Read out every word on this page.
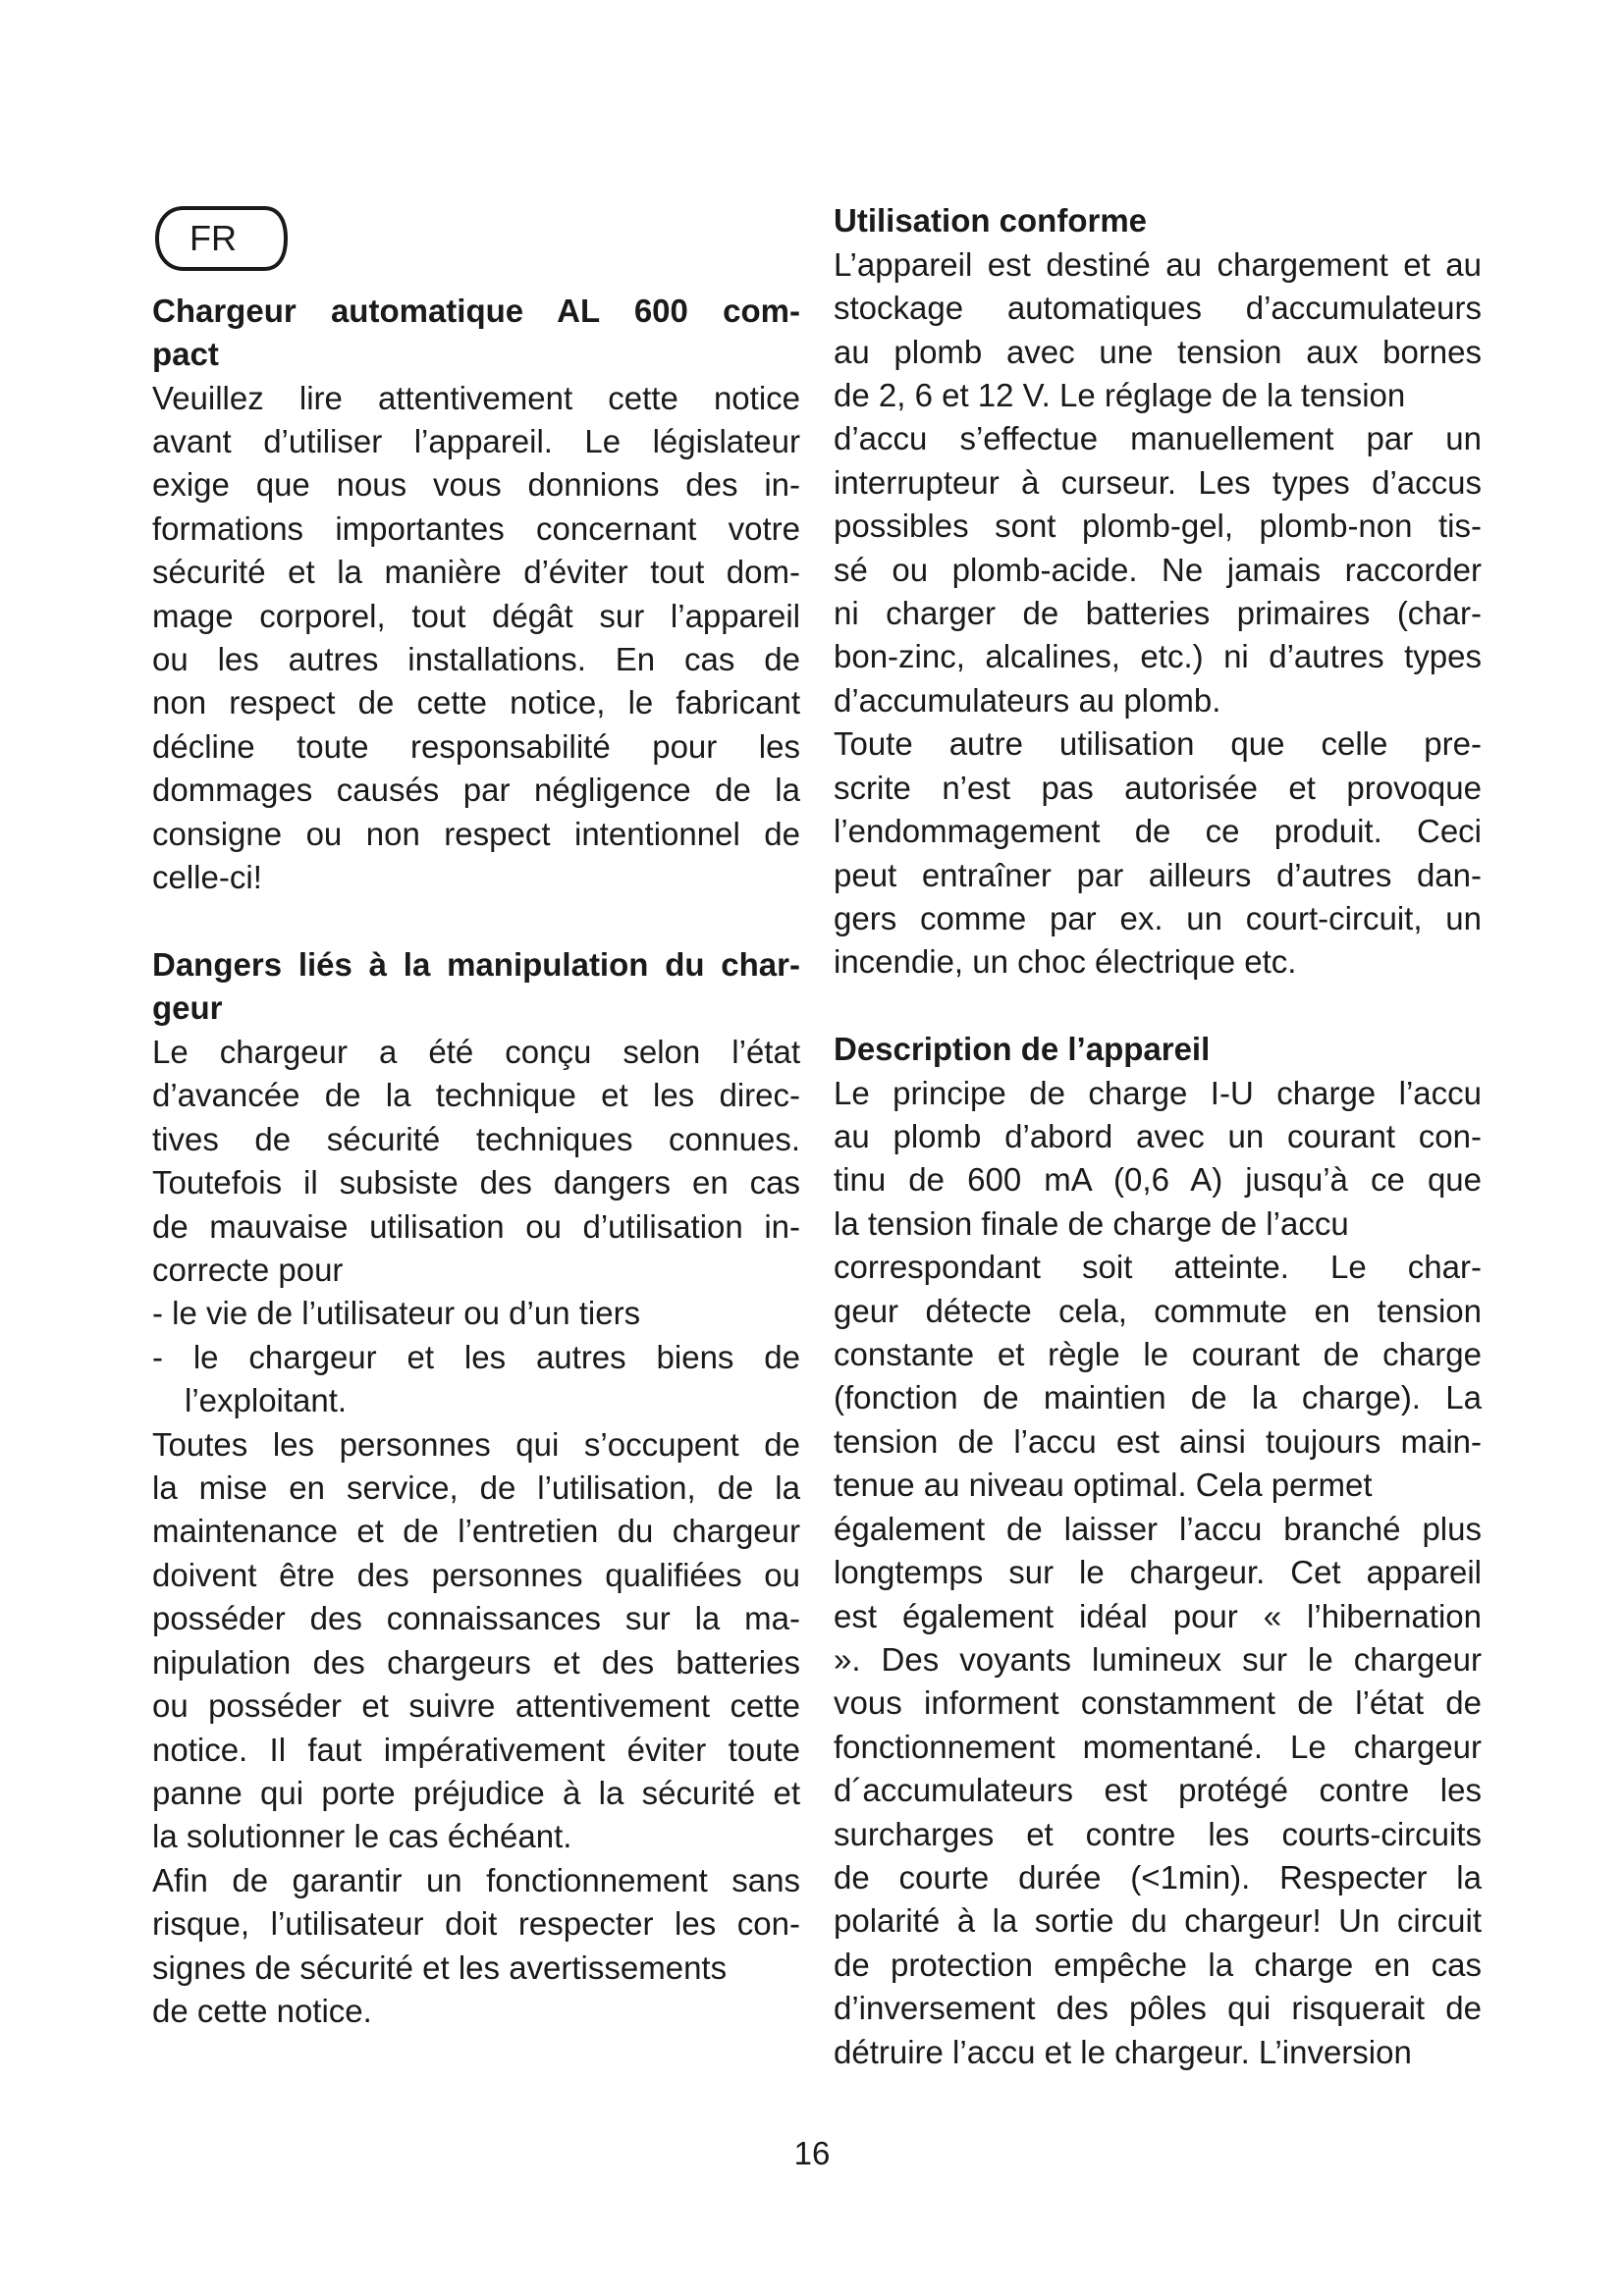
FR
Chargeur automatique AL 600 com-
pact
Veuillez lire attentivement cette notice
avant d’utiliser l’appareil. Le législateur
exige que nous vous donnions des in-
formations importantes concernant votre
sécurité et la manière d’éviter tout dom-
mage corporel, tout dégât sur l’appareil
ou les autres installations. En cas de
non respect de cette notice, le fabricant
décline toute responsabilité pour les
dommages causés par négligence de la
consigne ou non respect intentionnel de
celle-ci!
Dangers liés à la manipulation du char-
geur
Le chargeur a été conçu selon l’état
d’avancée de la technique et les direc-
tives de sécurité techniques connues.
Toutefois il subsiste des dangers en cas
de mauvaise utilisation ou d’utilisation in-
correcte pour
- le vie de l’utilisateur ou d’un tiers
- le chargeur et les autres biens de
l’exploitant.
Toutes les personnes qui s’occupent de
la mise en service, de l’utilisation, de la
maintenance et de l’entretien du chargeur
doivent être des personnes qualifiées ou
posséder des connaissances sur la ma-
nipulation des chargeurs et des batteries
ou posséder et suivre attentivement cette
notice. Il faut impérativement éviter toute
panne qui porte préjudice à la sécurité et
la solutionner le cas échéant.
Afin de garantir un fonctionnement sans
risque, l’utilisateur doit respecter les con-
signes de sécurité et les avertissements
de cette notice.
Utilisation conforme
L’appareil est destiné au chargement et au
stockage automatiques d’accumulateurs
au plomb avec une tension aux bornes
de 2, 6 et 12 V. Le réglage de la tension
d’accu s’effectue manuellement par un
interrupteur à curseur. Les types d’accus
possibles sont plomb-gel, plomb-non tis-
sé ou plomb-acide. Ne jamais raccorder
ni charger de batteries primaires (char-
bon-zinc, alcalines, etc.) ni d’autres types
d’accumulateurs au plomb.
Toute autre utilisation que celle pre-
scrite n’est pas autorisée et provoque
l’endommagement de ce produit. Ceci
peut entraîner par ailleurs d’autres dan-
gers comme par ex. un court-circuit, un
incendie, un choc électrique etc.
Description de l’appareil
Le principe de charge I-U charge l’accu
au plomb d’abord avec un courant con-
tinu de 600 mA (0,6 A) jusqu’à ce que
la tension finale de charge de l’accu
correspondant soit atteinte. Le char-
geur détecte cela, commute en tension
constante et règle le courant de charge
(fonction de maintien de la charge). La
tension de l’accu est ainsi toujours main-
tenue au niveau optimal. Cela permet
également de laisser l’accu branché plus
longtemps sur le chargeur. Cet appareil
est également idéal pour « l’hibernation
». Des voyants lumineux sur le chargeur
vous informent constamment de l’état de
fonctionnement momentané. Le chargeur
d´accumulateurs est protégé contre les
surcharges et contre les courts-circuits
de courte durée (<1min). Respecter la
polarité à la sortie du chargeur! Un circuit
de protection empêche la charge en cas
d’inversement des pôles qui risquerait de
détruire l’accu et le chargeur. L’inversion
16
